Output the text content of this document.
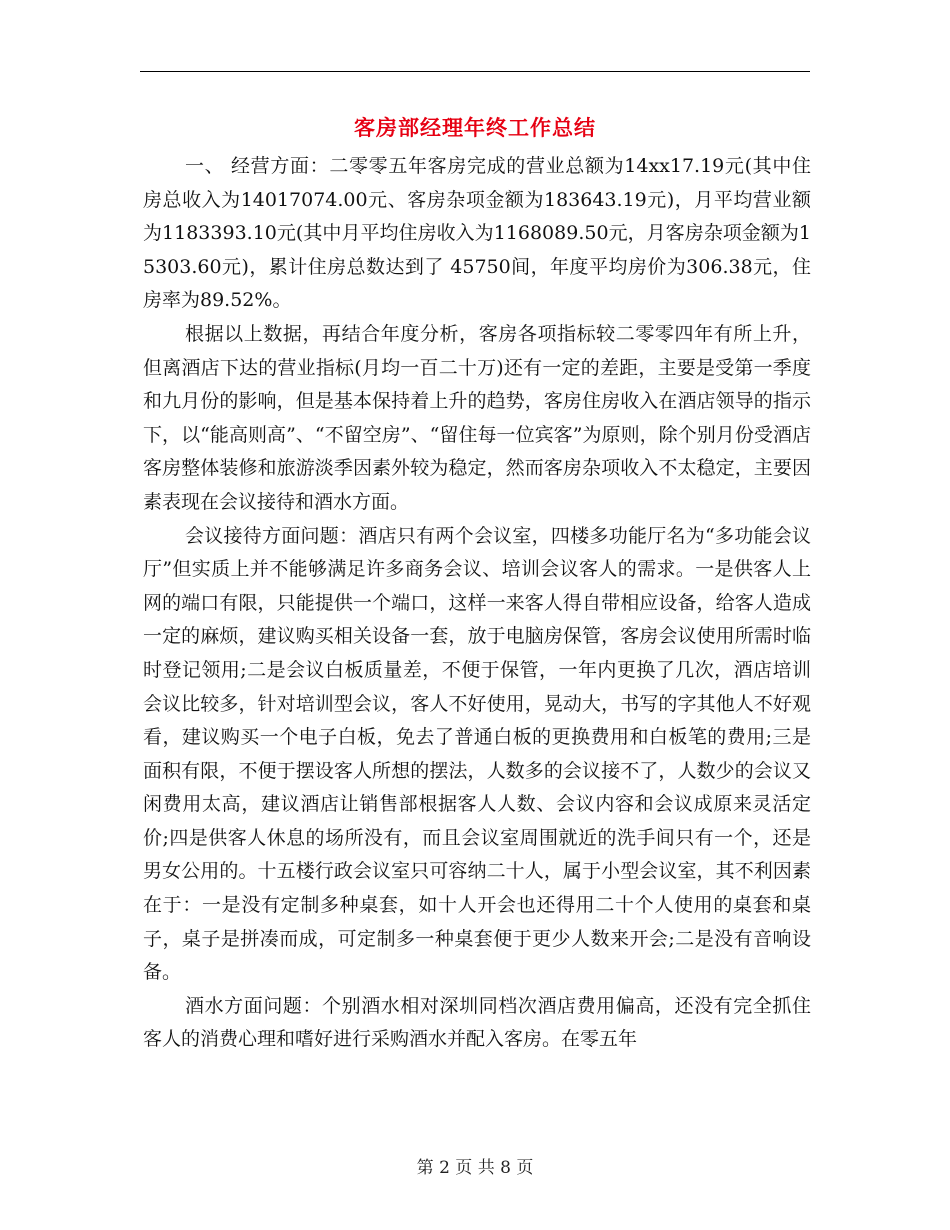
客房部经理年终工作总结

一、 经营方面：二零零五年客房完成的营业总额为14xx17.19元(其中住房总收入为14017074.00元、客房杂项金额为183643.19元)，月平均营业额为1183393.10元(其中月平均住房收入为1168089.50元，月客房杂项金额为15303.60元)，累计住房总数达到了 45750间，年度平均房价为306.38元，住房率为89.52%。

根据以上数据，再结合年度分析，客房各项指标较二零零四年有所上升，但离酒店下达的营业指标(月均一百二十万)还有一定的差距，主要是受第一季度和九月份的影响，但是基本保持着上升的趋势，客房住房收入在酒店领导的指示下，以“能高则高”、“不留空房”、“留住每一位宾客”为原则，除个别月份受酒店客房整体装修和旅游淡季因素外较为稳定，然而客房杂项收入不太稳定，主要因素表现在会议接待和酒水方面。

会议接待方面问题：酒店只有两个会议室，四楼多功能厅名为“多功能会议厅”但实质上并不能够满足许多商务会议、培训会议客人的需求。一是供客人上网的端口有限，只能提供一个端口，这样一来客人得自带相应设备，给客人造成一定的麻烦，建议购买相关设备一套，放于电脑房保管，客房会议使用所需时临时登记领用;二是会议白板质量差，不便于保管，一年内更换了几次，酒店培训会议比较多，针对培训型会议，客人不好使用，晃动大，书写的字其他人不好观看，建议购买一个电子白板，免去了普通白板的更换费用和白板笔的费用;三是面积有限，不便于摆设客人所想的摆法，人数多的会议接不了，人数少的会议又闲费用太高，建议酒店让销售部根据客人人数、会议内容和会议成原来灵活定价;四是供客人休息的场所没有，而且会议室周围就近的洗手间只有一个，还是男女公用的。十五楼行政会议室只可容纳二十人，属于小型会议室，其不利因素在于：一是没有定制多种桌套，如十人开会也还得用二十个人使用的桌套和桌子，桌子是拼凑而成，可定制多一种桌套便于更少人数来开会;二是没有音响设备。

酒水方面问题：个别酒水相对深圳同档次酒店费用偏高，还没有完全抓住客人的消费心理和嗜好进行采购酒水并配入客房。在零五年

第 2 页 共 8 页
